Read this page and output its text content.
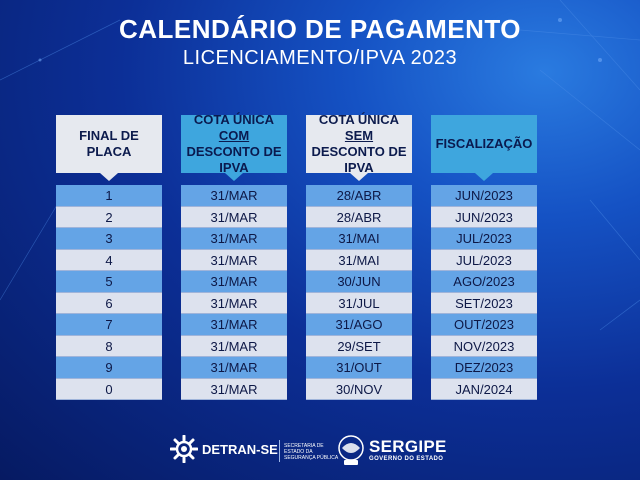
CALENDÁRIO DE PAGAMENTO
LICENCIAMENTO/IPVA 2023
FINAL DE
PLACA
1
2
3
4
5
6
7
8
9
0
COTA ÚNICA COM
DESCONTO DE IPVA
31/MAR
31/MAR
31/MAR
31/MAR
31/MAR
31/MAR
31/MAR
31/MAR
31/MAR
31/MAR
COTA ÚNICA SEM
DESCONTO DE IPVA
28/ABR
28/ABR
31/MAI
31/MAI
30/JUN
31/JUL
31/AGO
29/SET
31/OUT
30/NOV
FISCALIZAÇÃO
JUN/2023
JUN/2023
JUL/2023
JUL/2023
AGO/2023
SET/2023
OUT/2023
NOV/2023
DEZ/2023
JAN/2024
DETRAN-SE SECRETARIA DE ESTADO DA SEGURANÇA PÚBLICA
SERGIPE
GOVERNO DO ESTADO
